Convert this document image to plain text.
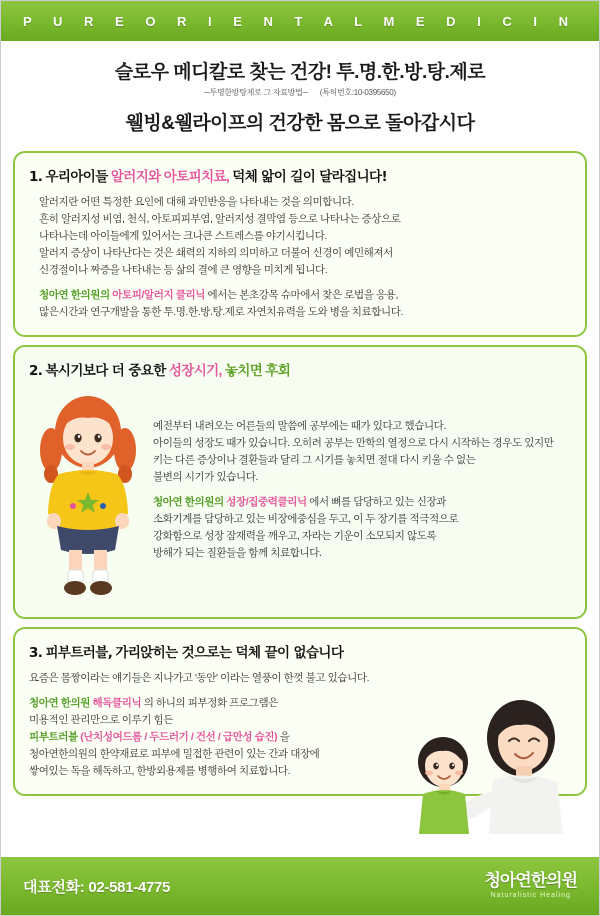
P U R E O R I E N T A L M E D I C I N
슬로우 메디칼로 찾는 건강! 투.명.한.방.탕.제로
─투명한방탕제로 그 자료방법─ (특허번호:10-0395650)
웰빙&웰라이프의 건강한 몸으로 돌아갑시다
1. 우리아이들 알러지와 아토피치료, 덕체 앎이 길이 달라집니다!

알러지란 어떤 특정한 요인에 대해 과민반응을 나타내는 것을 의미합니다.

흔히 알러지성 비염, 천식, 아토피피부염, 알러지성 결막염 등으로 나타나는 증상으로

나타나는데 아이들에게 있어서는 크나큰 스트레스를 야기시킵니다.

알러지 증상이 나타난다는 것은 쇄력의 지하의 의미하고 더불어 신경이 예민해져서

신경절이나 짜증을 나타내는 등 삶의 결에 큰 영향을 미치게 됩니다.

청아연 한의원의 아토피/알러지 클리닉 에서는 본초강목 슈마에서 찾은 로법을 응용,

많은시간과 연구개발을 통한 투.명.한.방.탕.제로 자연치유력을 도와 병을 치료합니다.

2. 복시기보다 더 중요한 성장시기, 놓치면 후회

예전부터 내려오는 어른들의 말씀에 공부에는 때가 있다고 했습니다.

아이들의 성장도 때가 있습니다. 오히려 공부는 만학의 열정으로 다시 시작하는 경우도 있지만

키는 다른 증상이나 결환들과 달리 그 시기를 놓치면 절대 다시 키울 수 없는

불변의 시기가 있습니다.

청아연 한의원의 성장/집중력클리닉 에서 뼈를 담당하고 있는 신장과

소화기계를 담당하고 있는 비장에중심을 두고, 이 두 장기를 적극적으로

강화함으로 성장 잠재력을 깨우고, 자라는 기운이 소모되지 않도록

방해가 되는 질환들을 함께 치료합니다.

3. 피부트러블, 가리앉히는 것으로는 덕체 끝이 없습니다

요즘은 몸짱이라는 얘기들은 지나가고 '동안' 이라는 열풍이 한껏 불고 있습니다.

청아연 한의원 해독클리닉 의 하니의 피부정화 프로그램은

미용적인 관리만으로 이루기 힘든

피부트러블 (난치성여드름 / 두드러기 / 건선 / 급만성 습진) 을

청아연한의원의 한약재료로 피부에 밀접한 관련이 있는 간과 대장에

쌓여있는 독을 해독하고, 한방외용제를 병행하여 치료합니다.

대표전화: 02-581-4775	청아연한의원
Naturalistic Healing
